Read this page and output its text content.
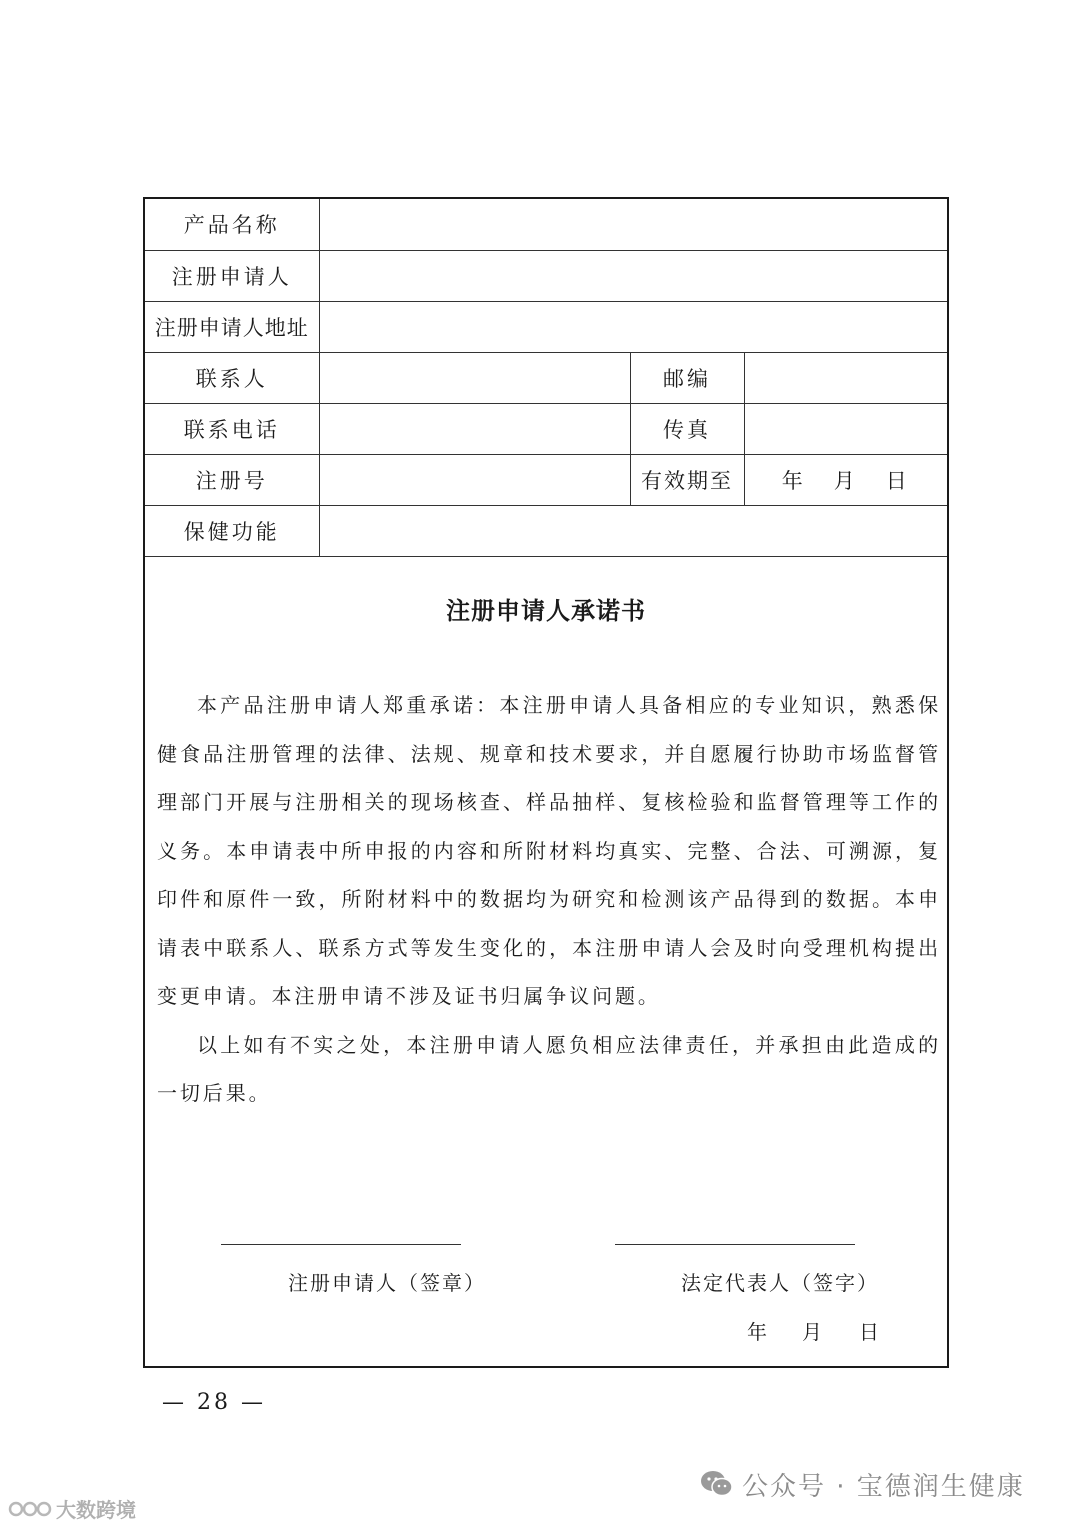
产品名称			
注册申请人			
注册申请人地址			
联系人		邮编	
联系电话		传真	
注册号		有效期至	年 月 日
保健功能			
注册申请人承诺书

本产品注册申请人郑重承诺：本注册申请人具备相应的专业知识，熟悉保健食品注册管理的法律、法规、规章和技术要求，并自愿履行协助市场监督管理部门开展与注册相关的现场核查、样品抽样、复核检验和监督管理等工作的义务。本申请表中所申报的内容和所附材料均真实、完整、合法、可溯源，复印件和原件一致，所附材料中的数据均为研究和检测该产品得到的数据。本申请表中联系人、联系方式等发生变化的，本注册申请人会及时向受理机构提出变更申请。本注册申请不涉及证书归属争议问题。

以上如有不实之处，本注册申请人愿负相应法律责任，并承担由此造成的一切后果。

注册申请人（签章）	法定代表人（签字）
年 月 日
— 28 —
公众号 · 宝德润生健康
大数跨境
